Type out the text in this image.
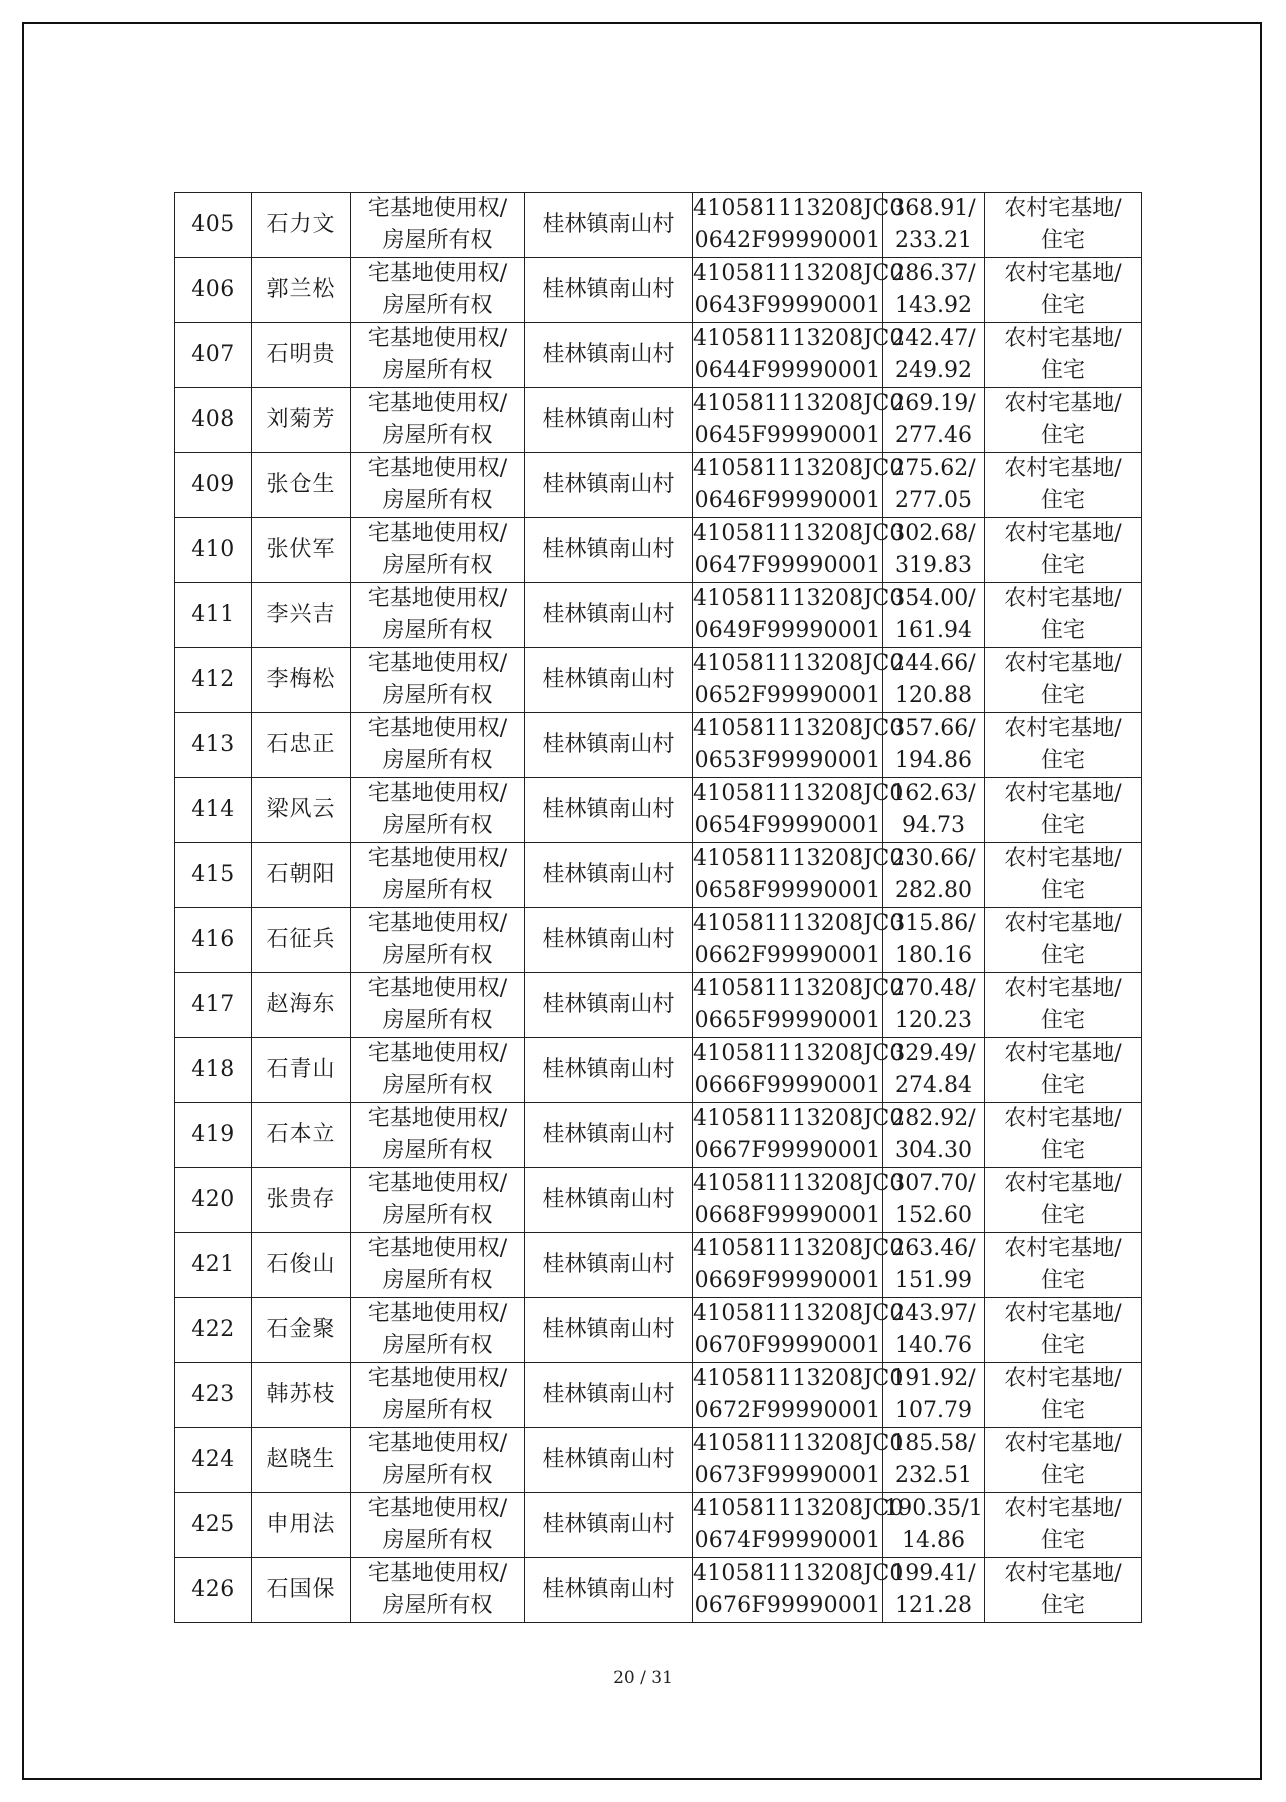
405	石力文	宅基地使用权/
房屋所有权	桂林镇南山村	410581113208JC0
0642F99990001	368.91/
233.21	农村宅基地/
住宅

406	郭兰松	宅基地使用权/
房屋所有权	桂林镇南山村	410581113208JC0
0643F99990001	286.37/
143.92	农村宅基地/
住宅

407	石明贵	宅基地使用权/
房屋所有权	桂林镇南山村	410581113208JC0
0644F99990001	242.47/
249.92	农村宅基地/
住宅

408	刘菊芳	宅基地使用权/
房屋所有权	桂林镇南山村	410581113208JC0
0645F99990001	269.19/
277.46	农村宅基地/
住宅

409	张仓生	宅基地使用权/
房屋所有权	桂林镇南山村	410581113208JC0
0646F99990001	275.62/
277.05	农村宅基地/
住宅

410	张伏军	宅基地使用权/
房屋所有权	桂林镇南山村	410581113208JC0
0647F99990001	302.68/
319.83	农村宅基地/
住宅

411	李兴吉	宅基地使用权/
房屋所有权	桂林镇南山村	410581113208JC0
0649F99990001	354.00/
161.94	农村宅基地/
住宅

412	李梅松	宅基地使用权/
房屋所有权	桂林镇南山村	410581113208JC0
0652F99990001	244.66/
120.88	农村宅基地/
住宅

413	石忠正	宅基地使用权/
房屋所有权	桂林镇南山村	410581113208JC0
0653F99990001	357.66/
194.86	农村宅基地/
住宅

414	梁风云	宅基地使用权/
房屋所有权	桂林镇南山村	410581113208JC0
0654F99990001	162.63/
94.73	农村宅基地/
住宅

415	石朝阳	宅基地使用权/
房屋所有权	桂林镇南山村	410581113208JC0
0658F99990001	230.66/
282.80	农村宅基地/
住宅

416	石征兵	宅基地使用权/
房屋所有权	桂林镇南山村	410581113208JC0
0662F99990001	315.86/
180.16	农村宅基地/
住宅

417	赵海东	宅基地使用权/
房屋所有权	桂林镇南山村	410581113208JC0
0665F99990001	270.48/
120.23	农村宅基地/
住宅

418	石青山	宅基地使用权/
房屋所有权	桂林镇南山村	410581113208JC0
0666F99990001	329.49/
274.84	农村宅基地/
住宅

419	石本立	宅基地使用权/
房屋所有权	桂林镇南山村	410581113208JC0
0667F99990001	282.92/
304.30	农村宅基地/
住宅

420	张贵存	宅基地使用权/
房屋所有权	桂林镇南山村	410581113208JC0
0668F99990001	307.70/
152.60	农村宅基地/
住宅

421	石俊山	宅基地使用权/
房屋所有权	桂林镇南山村	410581113208JC0
0669F99990001	263.46/
151.99	农村宅基地/
住宅

422	石金聚	宅基地使用权/
房屋所有权	桂林镇南山村	410581113208JC0
0670F99990001	243.97/
140.76	农村宅基地/
住宅

423	韩苏枝	宅基地使用权/
房屋所有权	桂林镇南山村	410581113208JC0
0672F99990001	191.92/
107.79	农村宅基地/
住宅

424	赵晓生	宅基地使用权/
房屋所有权	桂林镇南山村	410581113208JC0
0673F99990001	185.58/
232.51	农村宅基地/
住宅

425	申用法	宅基地使用权/
房屋所有权	桂林镇南山村	410581113208JC0
0674F99990001	190.35/1
14.86	农村宅基地/
住宅

426	石国保	宅基地使用权/
房屋所有权	桂林镇南山村	410581113208JC0
0676F99990001	199.41/
121.28	农村宅基地/
住宅
20 / 31
